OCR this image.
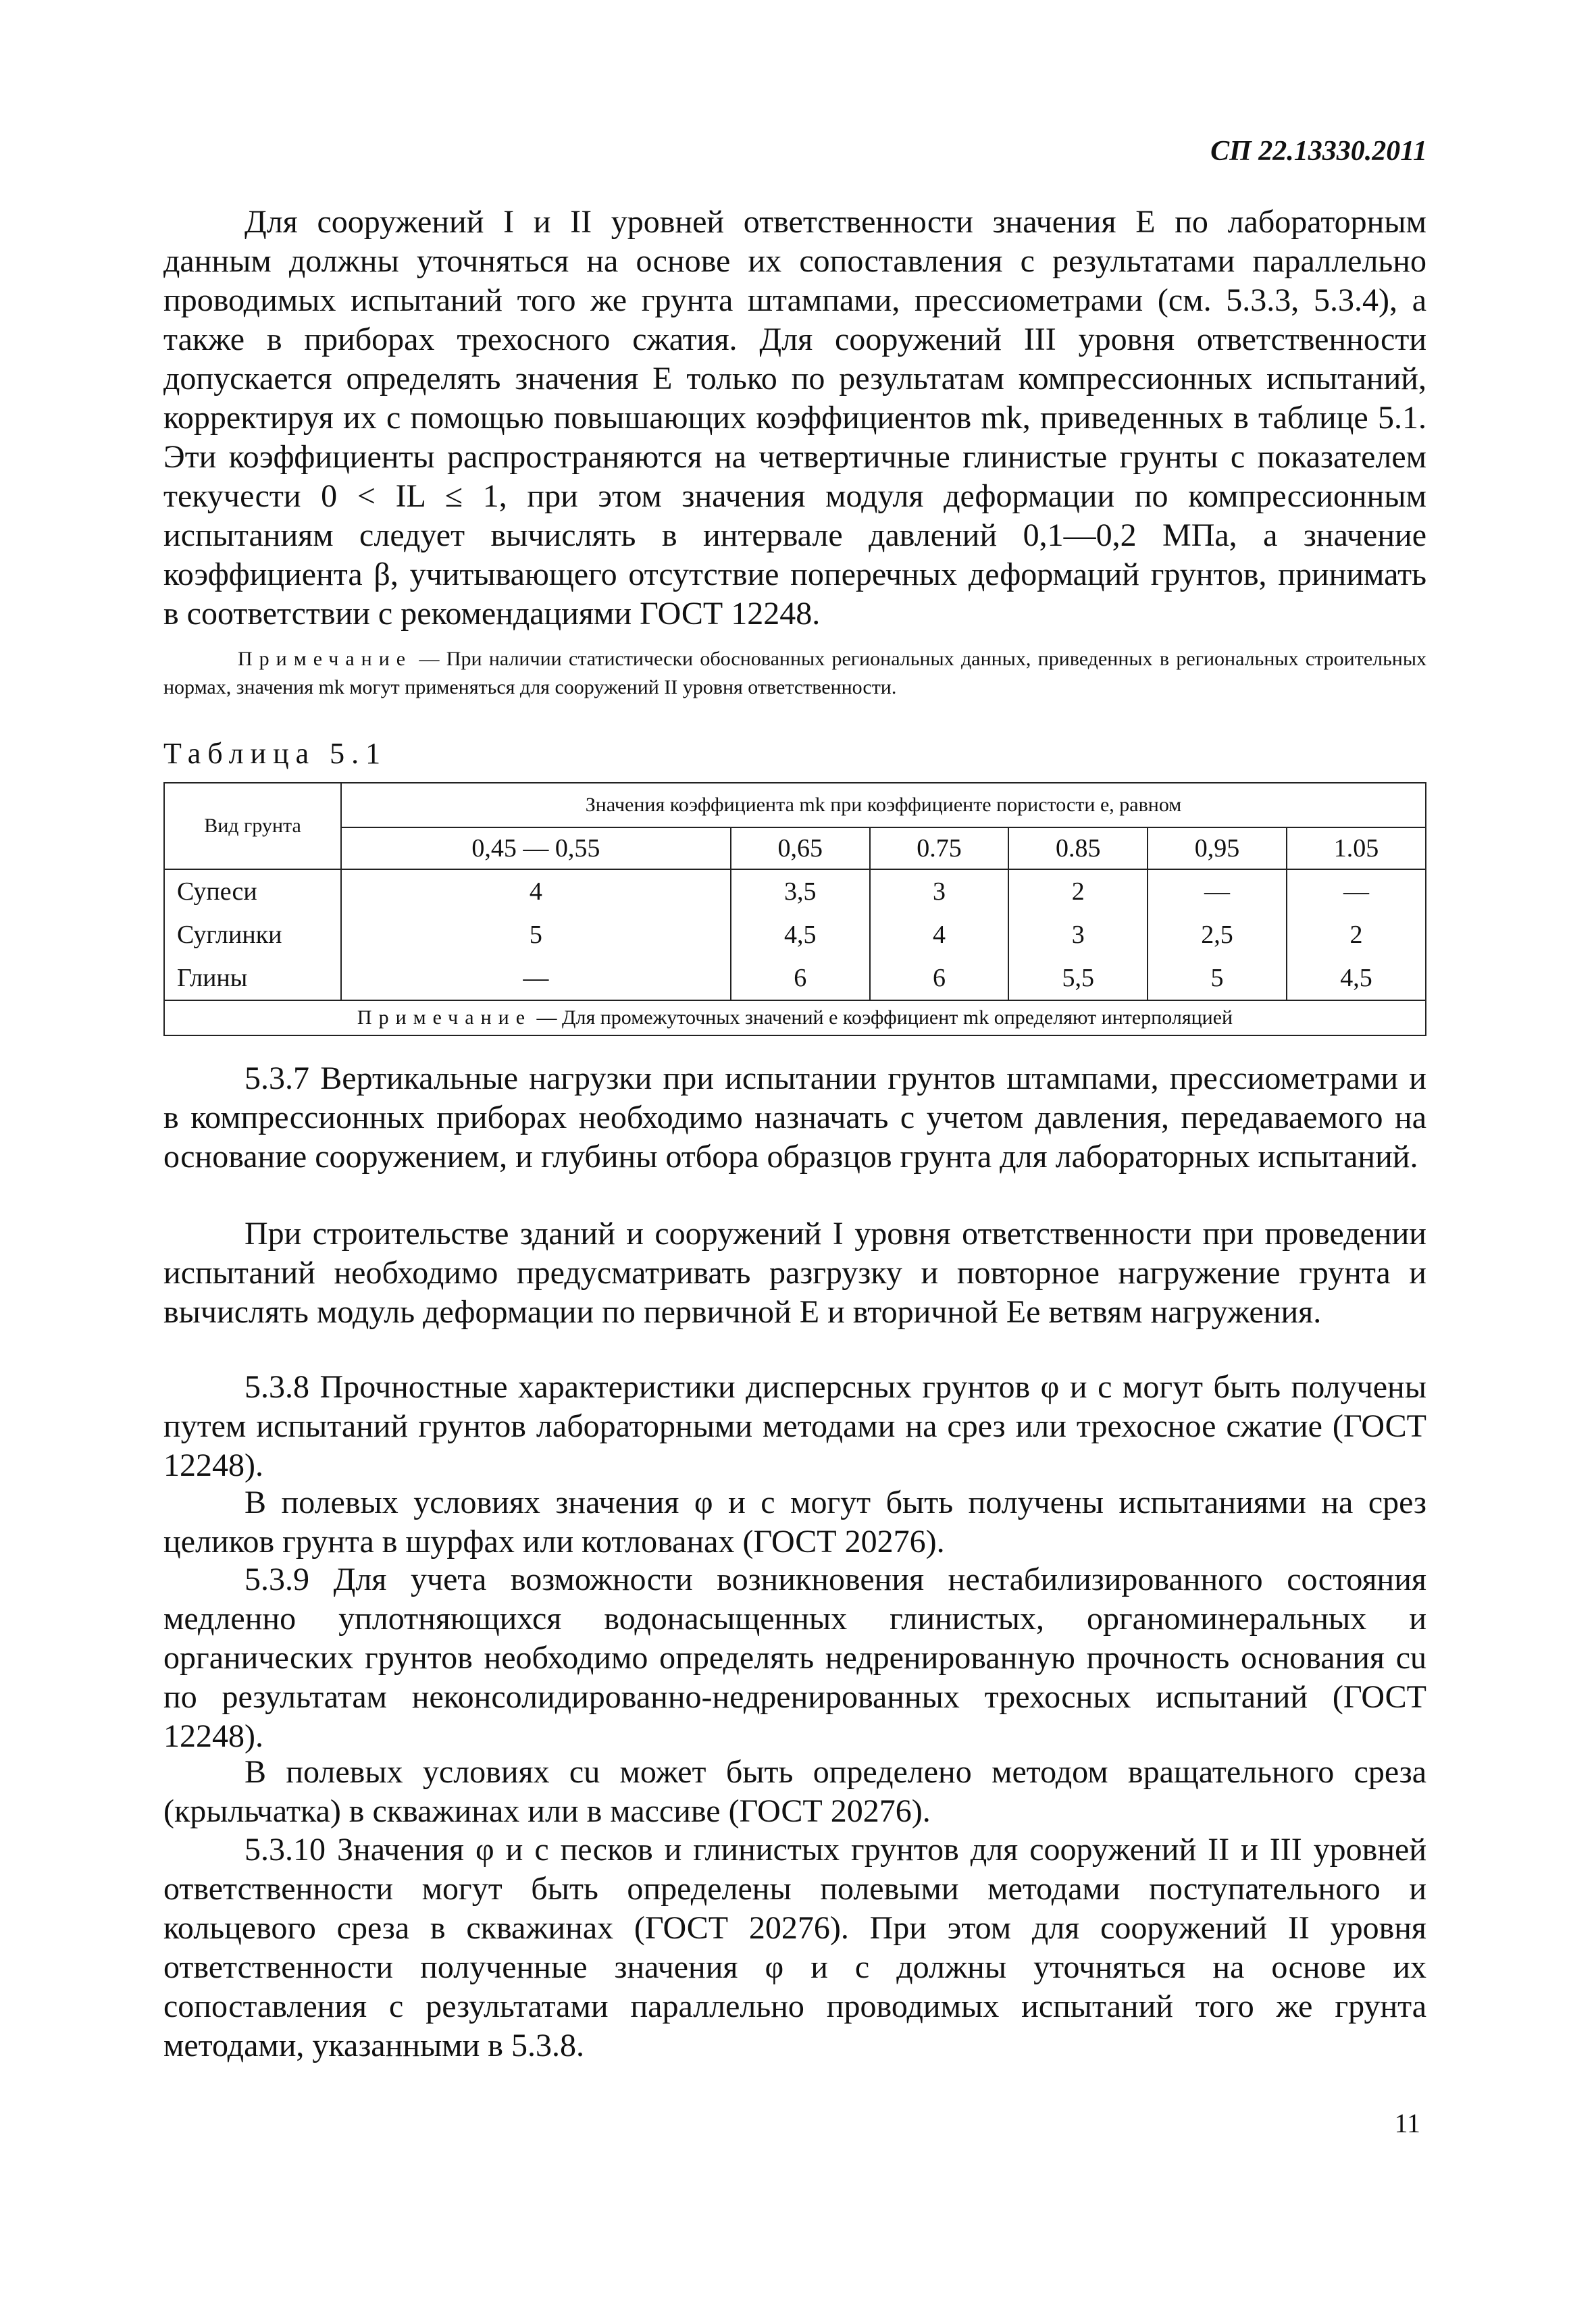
СП 22.13330.2011

Для сооружений I и II уровней ответственности значения E по лабораторным данным должны уточняться на основе их сопоставления с результатами параллельно проводимых испытаний того же грунта штампами, прессиометрами (см. 5.3.3, 5.3.4), а также в приборах трехосного сжатия. Для сооружений III уровня ответственности допускается определять значения E только по результатам компрессионных испытаний, корректируя их с помощью повышающих коэффициентов mk, приведенных в таблице 5.1. Эти коэффициенты распространяются на четвертичные глинистые грунты с показателем текучести 0 < IL ≤ 1, при этом значения модуля деформации по компрессионным испытаниям следует вычислять в интервале давлений 0,1—0,2 МПа, а значение коэффициента β, учитывающего отсутствие поперечных деформаций грунтов, принимать в соответствии с рекомендациями ГОСТ 12248.

Примечание — При наличии статистически обоснованных региональных данных, приведенных в региональных строительных нормах, значения mk могут применяться для сооружений II уровня ответственности.

Таблица 5.1
Вид грунта	Значения коэффициента mk при коэффициенте пористости e, равном					
	0,45 — 0,55	0,65	0.75	0.85	0,95	1.05
Супеси	4	3,5	3	2	—	—
Суглинки	5	4,5	4	3	2,5	2
Глины	—	6	6	5,5	5	4,5
Примечание — Для промежуточных значений e коэффициент mk определяют интерполяцией						

5.3.7 Вертикальные нагрузки при испытании грунтов штампами, прессиометрами и в компрессионных приборах необходимо назначать с учетом давления, передаваемого на основание сооружением, и глубины отбора образцов грунта для лабораторных испытаний.

При строительстве зданий и сооружений I уровня ответственности при проведении испытаний необходимо предусматривать разгрузку и повторное нагружение грунта и вычислять модуль деформации по первичной E и вторичной Ee ветвям нагружения.

5.3.8 Прочностные характеристики дисперсных грунтов φ и c могут быть получены путем испытаний грунтов лабораторными методами на срез или трехосное сжатие (ГОСТ 12248).

В полевых условиях значения φ и c могут быть получены испытаниями на срез целиков грунта в шурфах или котлованах (ГОСТ 20276).

5.3.9 Для учета возможности возникновения нестабилизированного состояния медленно уплотняющихся водонасыщенных глинистых, органоминеральных и органических грунтов необходимо определять недренированную прочность основания cu по результатам неконсолидированно-недренированных трехосных испытаний (ГОСТ 12248).

В полевых условиях cu может быть определено методом вращательного среза (крыльчатка) в скважинах или в массиве (ГОСТ 20276).

5.3.10 Значения φ и c песков и глинистых грунтов для сооружений II и III уровней ответственности могут быть определены полевыми методами поступательного и кольцевого среза в скважинах (ГОСТ 20276). При этом для сооружений II уровня ответственности полученные значения φ и c должны уточняться на основе их сопоставления с результатами параллельно проводимых испытаний того же грунта методами, указанными в 5.3.8.

11
